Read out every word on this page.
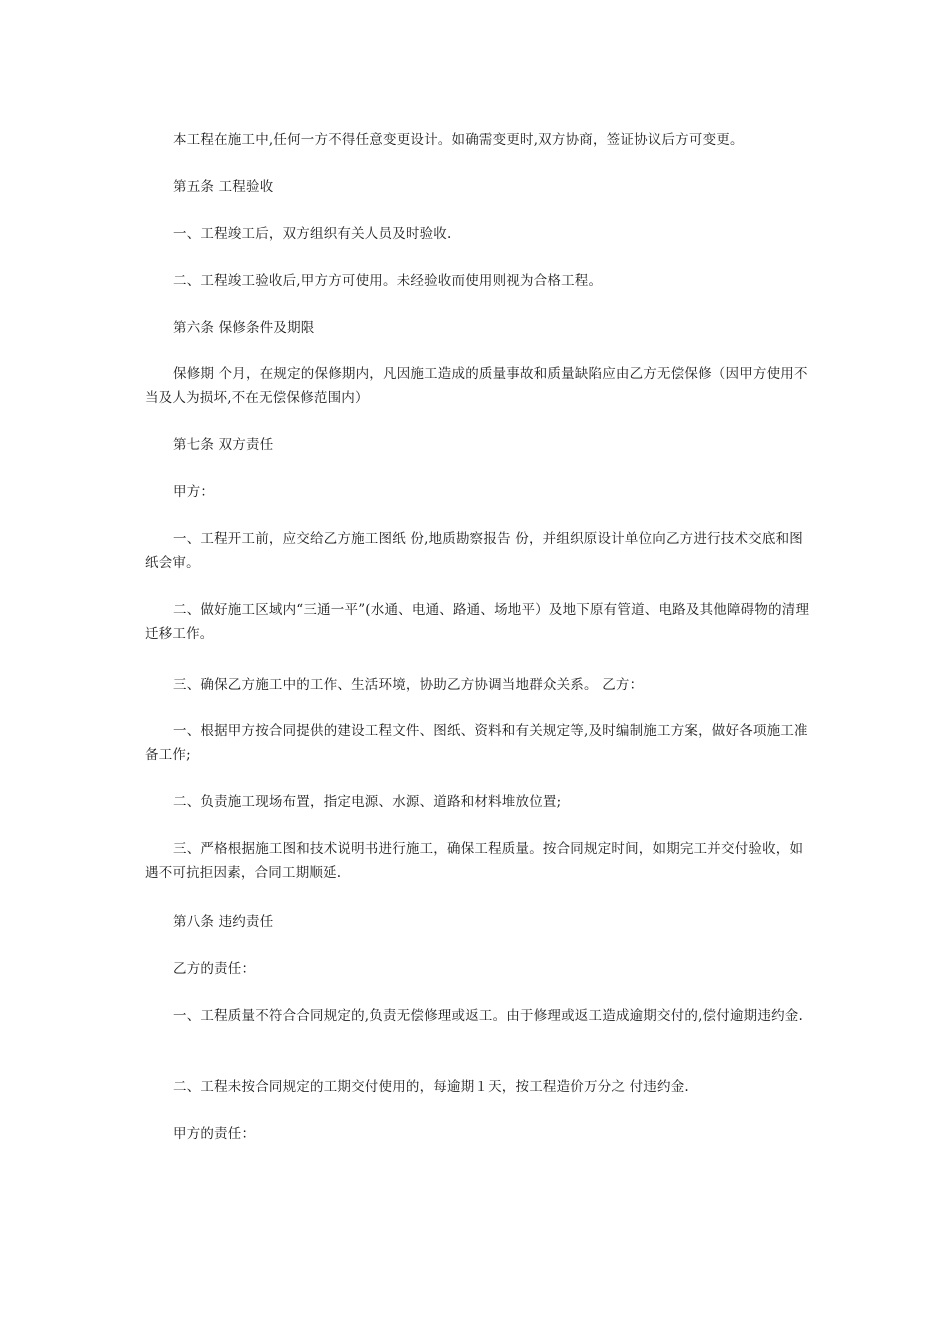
本工程在施工中,任何一方不得任意变更设计。如确需变更时,双方协商，签证协议后方可变更。

第五条 工程验收

一、工程竣工后，双方组织有关人员及时验收.

二、工程竣工验收后,甲方方可使用。未经验收而使用则视为合格工程。

第六条 保修条件及期限

保修期 个月，在规定的保修期内，凡因施工造成的质量事故和质量缺陷应由乙方无偿保修（因甲方使用不当及人为损坏,不在无偿保修范围内）

第七条 双方责任

甲方：

一、工程开工前，应交给乙方施工图纸 份,地质勘察报告 份，并组织原设计单位向乙方进行技术交底和图纸会审。

二、做好施工区域内“三通一平”(水通、电通、路通、场地平）及地下原有管道、电路及其他障碍物的清理迁移工作。

三、确保乙方施工中的工作、生活环境，协助乙方协调当地群众关系。 乙方：

一、根据甲方按合同提供的建设工程文件、图纸、资料和有关规定等,及时编制施工方案，做好各项施工准备工作;

二、负责施工现场布置，指定电源、水源、道路和材料堆放位置;

三、严格根据施工图和技术说明书进行施工，确保工程质量。按合同规定时间，如期完工并交付验收，如遇不可抗拒因素，合同工期顺延.

第八条 违约责任

乙方的责任：

一、工程质量不符合合同规定的,负责无偿修理或返工。由于修理或返工造成逾期交付的,偿付逾期违约金.

二、工程未按合同规定的工期交付使用的，每逾期１天，按工程造价万分之 付违约金.

甲方的责任：
